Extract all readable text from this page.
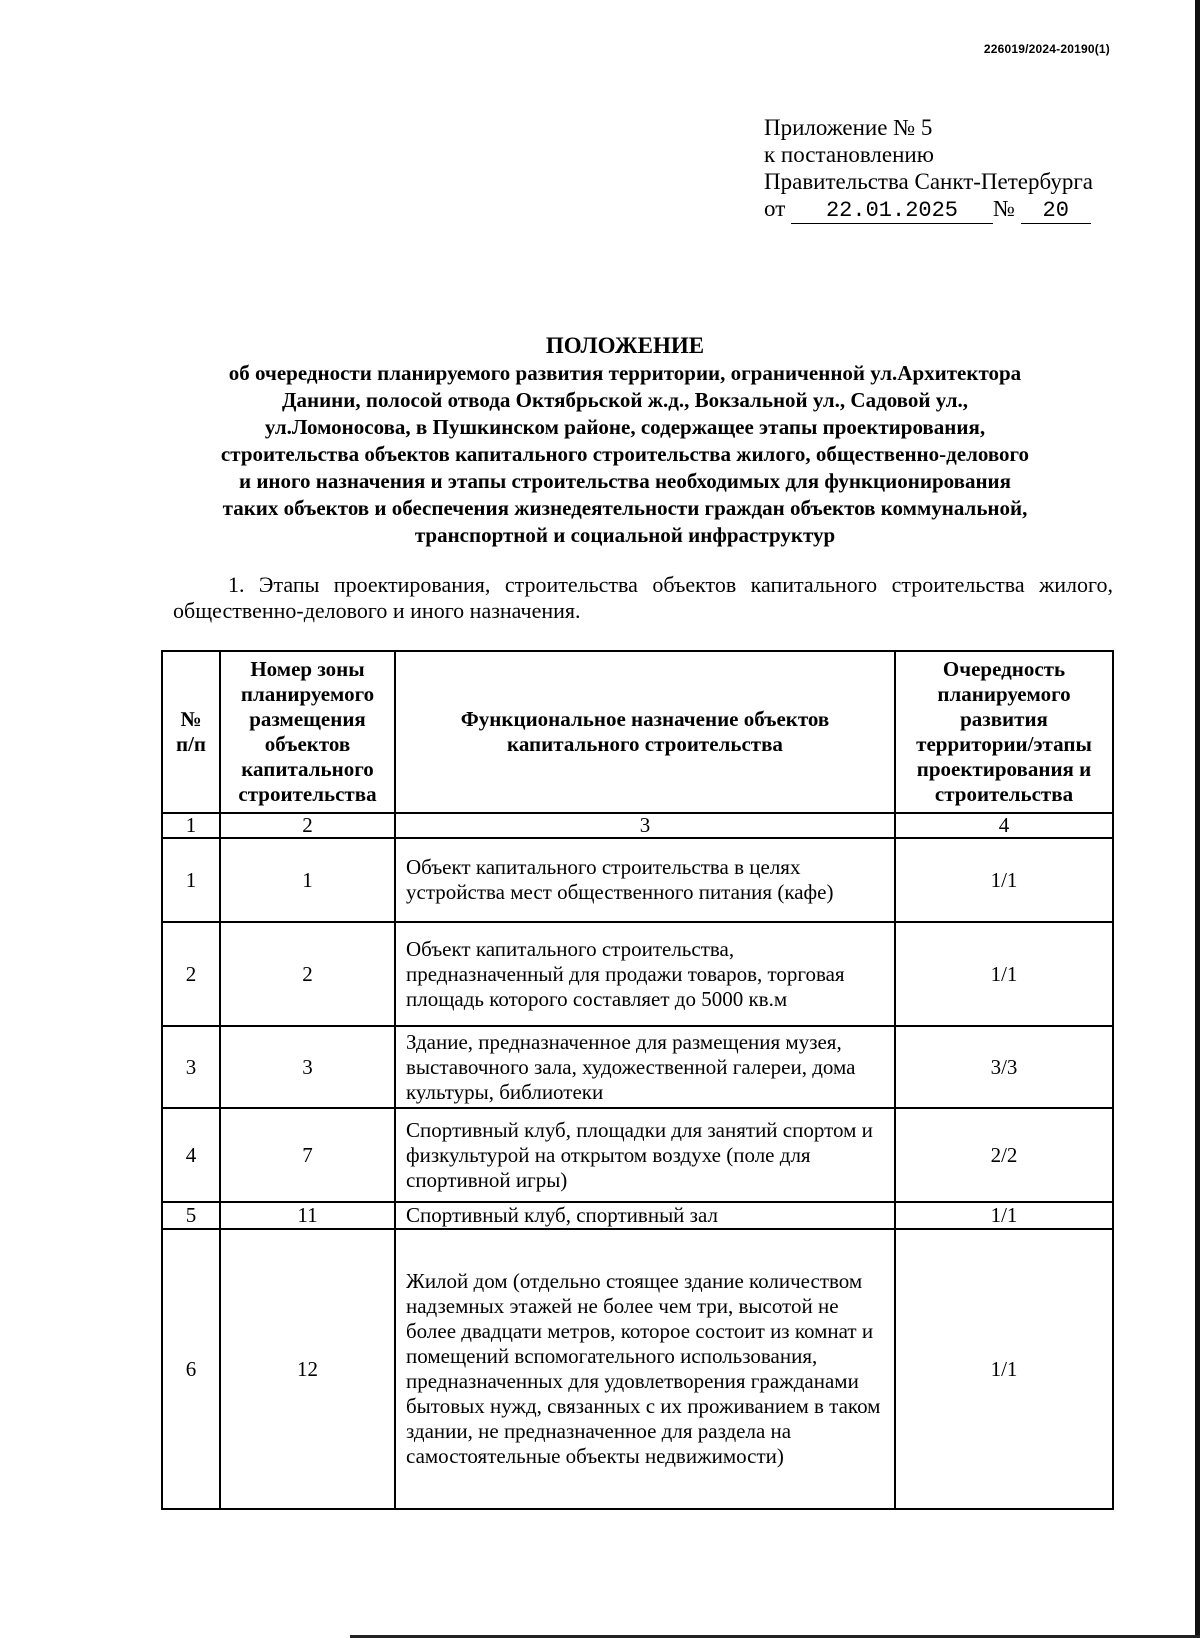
226019/2024-20190(1)
Приложение № 5
к постановлению
Правительства Санкт-Петербурга
от 22.01.2025 № 20
ПОЛОЖЕНИЕ
об очередности планируемого развития территории, ограниченной ул.Архитектора
Данини, полосой отвода Октябрьской ж.д., Вокзальной ул., Садовой ул.,
ул.Ломоносова, в Пушкинском районе, содержащее этапы проектирования,
строительства объектов капитального строительства жилого, общественно-делового
и иного назначения и этапы строительства необходимых для функционирования
таких объектов и обеспечения жизнедеятельности граждан объектов коммунальной,
транспортной и социальной инфраструктур
1. Этапы проектирования, строительства объектов капитального строительства жилого, общественно-делового и иного назначения.
№ п/п	Номер зоны планируемого размещения объектов капитального строительства	Функциональное назначение объектов капитального строительства	Очередность планируемого развития территории/этапы проектирования и строительства
1	2	3	4
1	1	Объект капитального строительства в целях устройства мест общественного питания (кафе)	1/1
2	2	Объект капитального строительства, предназначенный для продажи товаров, торговая площадь которого составляет до 5000 кв.м	1/1
3	3	Здание, предназначенное для размещения музея, выставочного зала, художественной галереи, дома культуры, библиотеки	3/3
4	7	Спортивный клуб, площадки для занятий спортом и физкультурой на открытом воздухе (поле для спортивной игры)	2/2
5	11	Спортивный клуб, спортивный зал	1/1
6	12	Жилой дом (отдельно стоящее здание количеством надземных этажей не более чем три, высотой не более двадцати метров, которое состоит из комнат и помещений вспомогательного использования, предназначенных для удовлетворения гражданами бытовых нужд, связанных с их проживанием в таком здании, не предназначенное для раздела на самостоятельные объекты недвижимости)	1/1
